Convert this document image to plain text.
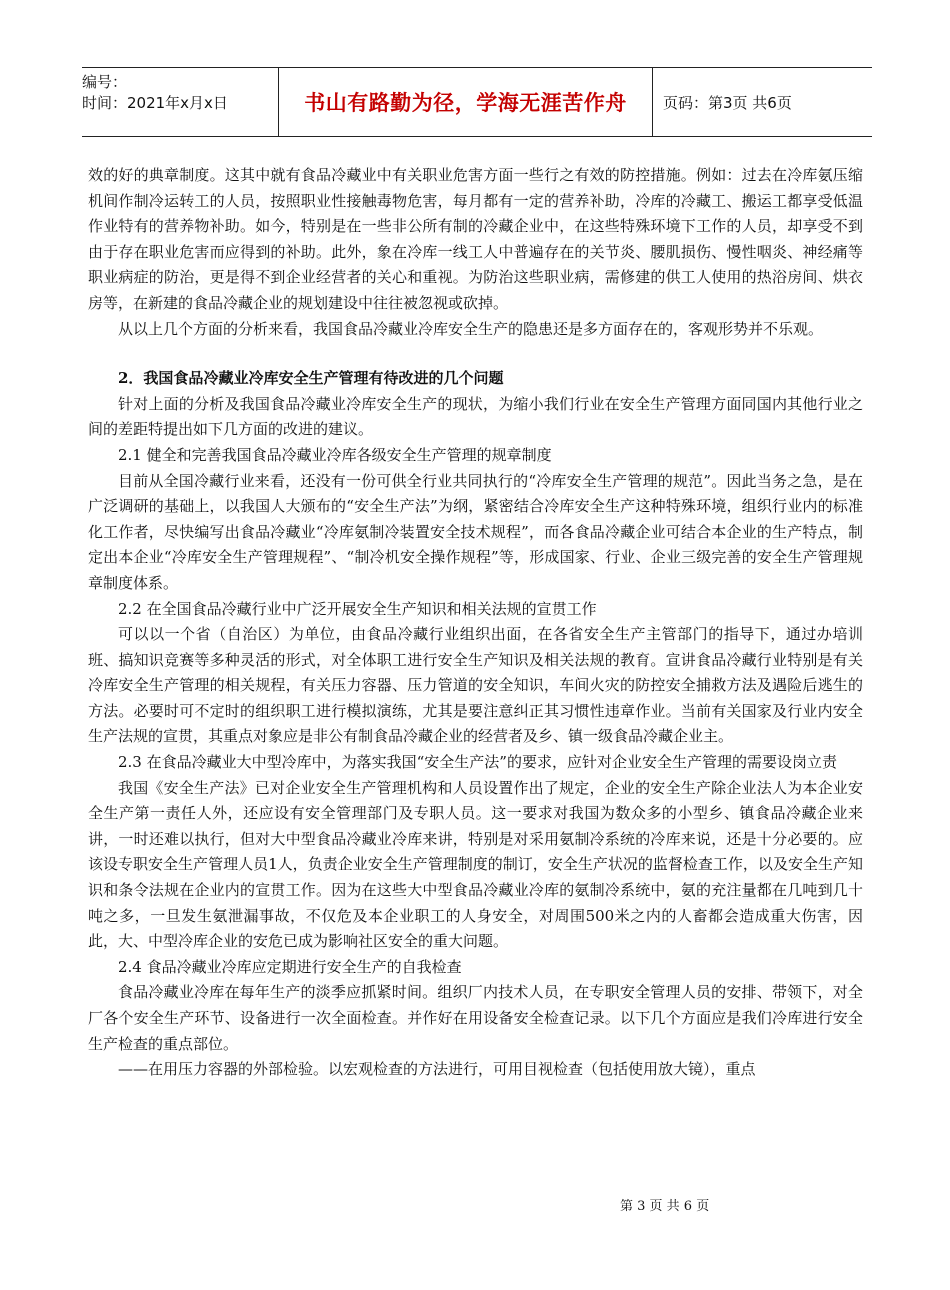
编号：
时间：2021年x月x日	书山有路勤为径，学海无涯苦作舟	页码：第3页 共6页

效的好的典章制度。这其中就有食品冷藏业中有关职业危害方面一些行之有效的防控措施。例如：过去在冷库氨压缩机间作制冷运转工的人员，按照职业性接触毒物危害，每月都有一定的营养补助，冷库的冷藏工、搬运工都享受低温作业特有的营养物补助。如今，特别是在一些非公所有制的冷藏企业中，在这些特殊环境下工作的人员，却享受不到由于存在职业危害而应得到的补助。此外，象在冷库一线工人中普遍存在的关节炎、腰肌损伤、慢性咽炎、神经痛等职业病症的防治，更是得不到企业经营者的关心和重视。为防治这些职业病，需修建的供工人使用的热浴房间、烘衣房等，在新建的食品冷藏企业的规划建设中往往被忽视或砍掉。

从以上几个方面的分析来看，我国食品冷藏业冷库安全生产的隐患还是多方面存在的，客观形势并不乐观。

2．我国食品冷藏业冷库安全生产管理有待改进的几个问题

针对上面的分析及我国食品冷藏业冷库安全生产的现状，为缩小我们行业在安全生产管理方面同国内其他行业之间的差距特提出如下几方面的改进的建议。

2.1 健全和完善我国食品冷藏业冷库各级安全生产管理的规章制度

目前从全国冷藏行业来看，还没有一份可供全行业共同执行的“冷库安全生产管理的规范”。因此当务之急，是在广泛调研的基础上，以我国人大颁布的“安全生产法”为纲，紧密结合冷库安全生产这种特殊环境，组织行业内的标准化工作者，尽快编写出食品冷藏业“冷库氨制冷装置安全技术规程”，而各食品冷藏企业可结合本企业的生产特点，制定出本企业“冷库安全生产管理规程”、“制冷机安全操作规程”等，形成国家、行业、企业三级完善的安全生产管理规章制度体系。

2.2 在全国食品冷藏行业中广泛开展安全生产知识和相关法规的宣贯工作

可以以一个省（自治区）为单位，由食品冷藏行业组织出面，在各省安全生产主管部门的指导下，通过办培训班、搞知识竞赛等多种灵活的形式，对全体职工进行安全生产知识及相关法规的教育。宣讲食品冷藏行业特别是有关冷库安全生产管理的相关规程，有关压力容器、压力管道的安全知识，车间火灾的防控安全捕救方法及遇险后逃生的方法。必要时可不定时的组织职工进行模拟演练，尤其是要注意纠正其习惯性违章作业。当前有关国家及行业内安全生产法规的宣贯，其重点对象应是非公有制食品冷藏企业的经营者及乡、镇一级食品冷藏企业主。

2.3 在食品冷藏业大中型冷库中，为落实我国“安全生产法”的要求，应针对企业安全生产管理的需要设岗立责

我国《安全生产法》已对企业安全生产管理机构和人员设置作出了规定，企业的安全生产除企业法人为本企业安全生产第一责任人外，还应设有安全管理部门及专职人员。这一要求对我国为数众多的小型乡、镇食品冷藏企业来讲，一时还难以执行，但对大中型食品冷藏业冷库来讲，特别是对采用氨制冷系统的冷库来说，还是十分必要的。应该设专职安全生产管理人员1人，负责企业安全生产管理制度的制订，安全生产状况的监督检查工作，以及安全生产知识和条令法规在企业内的宣贯工作。因为在这些大中型食品冷藏业冷库的氨制冷系统中，氨的充注量都在几吨到几十吨之多，一旦发生氨泄漏事故，不仅危及本企业职工的人身安全，对周围500米之内的人畜都会造成重大伤害，因此，大、中型冷库企业的安危已成为影响社区安全的重大问题。

2.4 食品冷藏业冷库应定期进行安全生产的自我检查

食品冷藏业冷库在每年生产的淡季应抓紧时间。组织厂内技术人员，在专职安全管理人员的安排、带领下，对全厂各个安全生产环节、设备进行一次全面检查。并作好在用设备安全检查记录。以下几个方面应是我们冷库进行安全生产检查的重点部位。

——在用压力容器的外部检验。以宏观检查的方法进行，可用目视检查（包括使用放大镜），重点

第 3 页 共 6 页
